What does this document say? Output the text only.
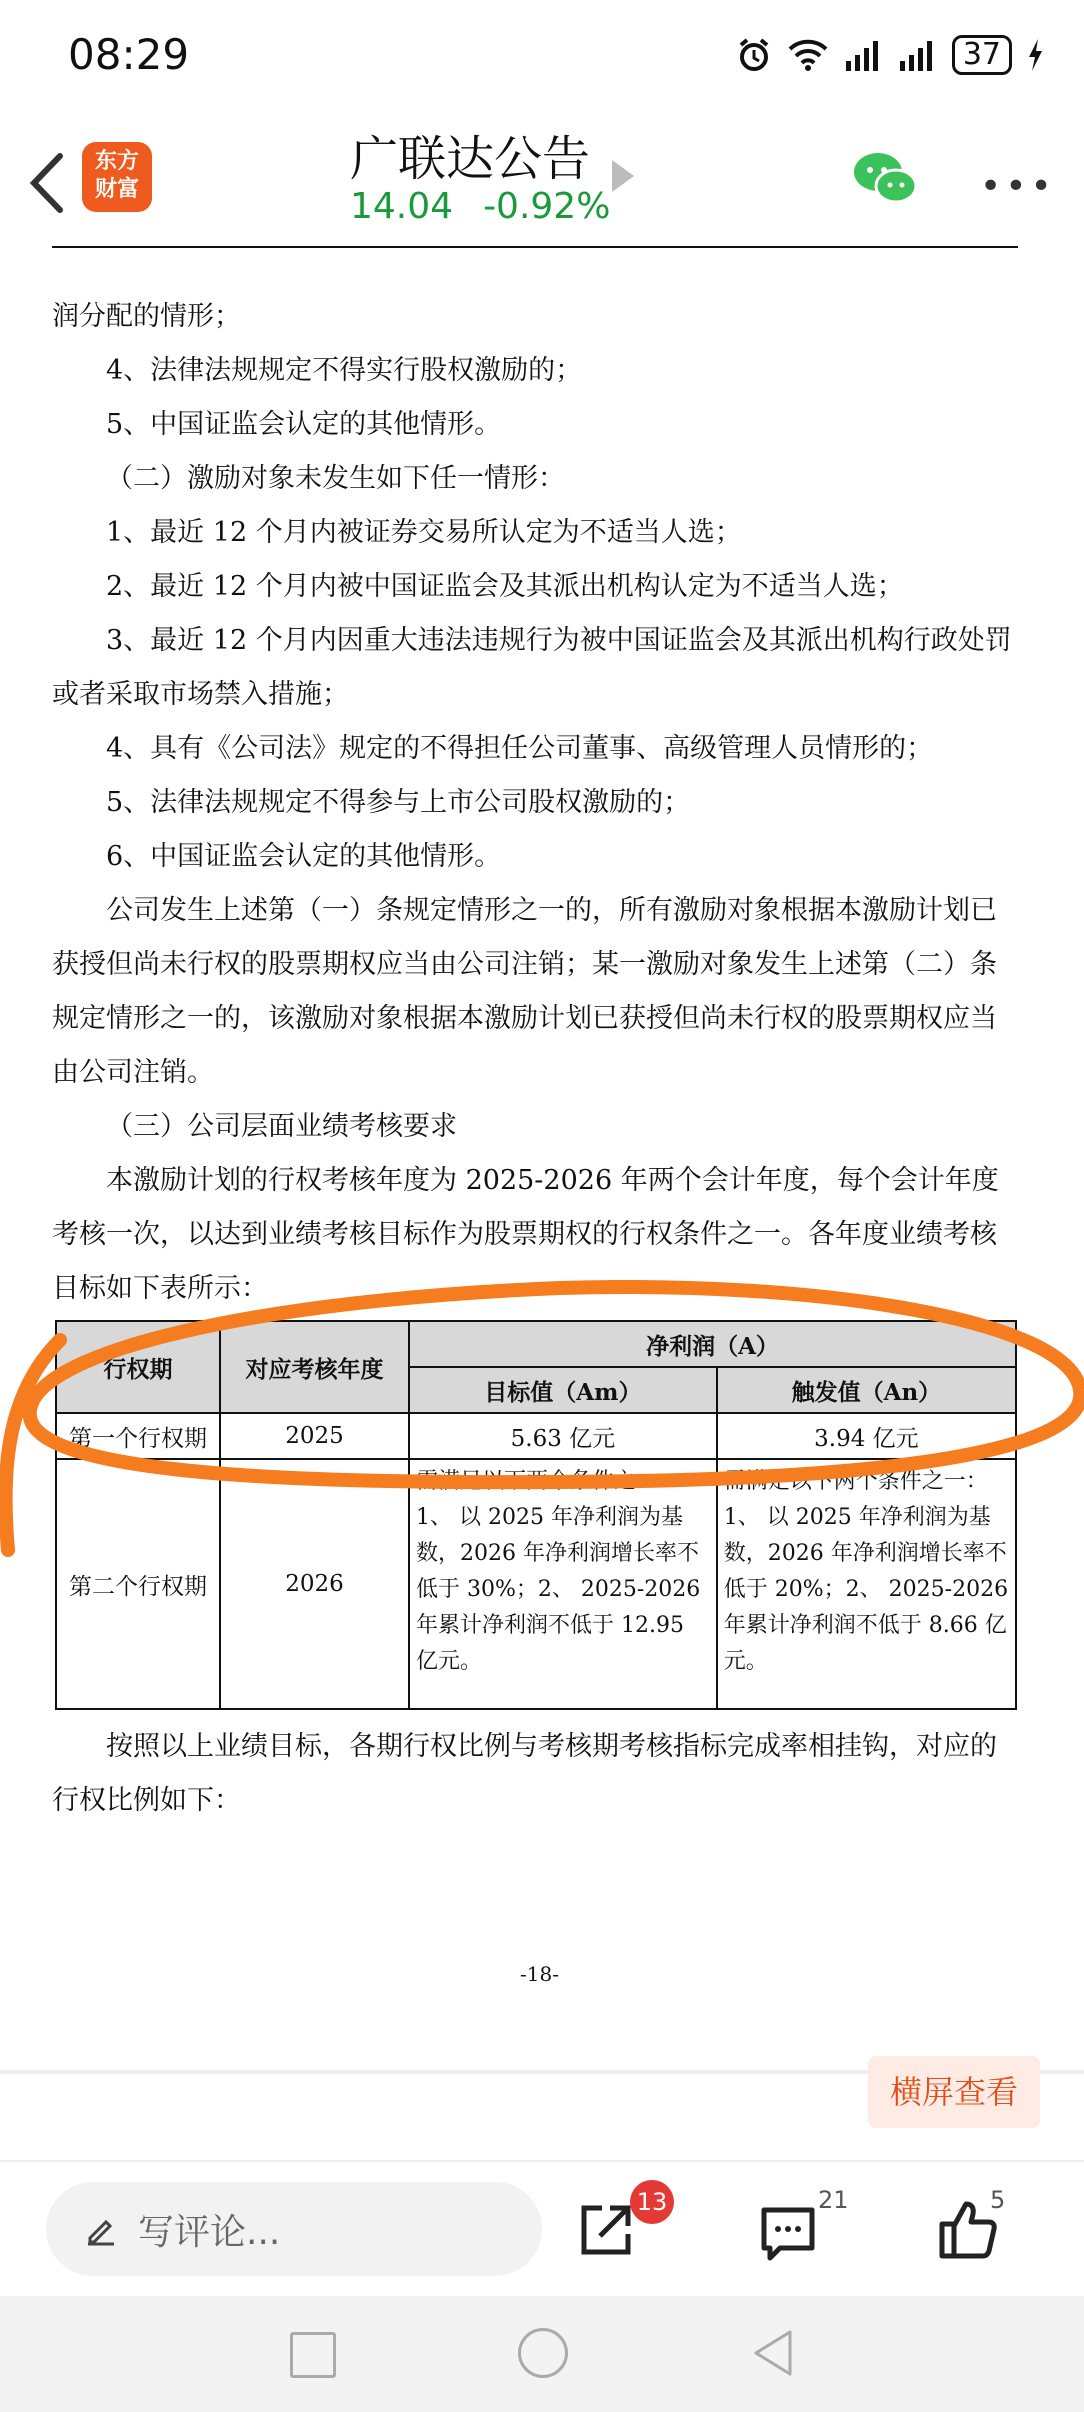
08:29	37
东方
财富
广联达公告
14.04 -0.92%	•••

润分配的情形；

4、法律法规规定不得实行股权激励的；

5、中国证监会认定的其他情形。

（二）激励对象未发生如下任一情形：

1、最近 12 个月内被证券交易所认定为不适当人选；

2、最近 12 个月内被中国证监会及其派出机构认定为不适当人选；

3、最近 12 个月内因重大违法违规行为被中国证监会及其派出机构行政处罚或者采取市场禁入措施；

4、具有《公司法》规定的不得担任公司董事、高级管理人员情形的；

5、法律法规规定不得参与上市公司股权激励的；

6、中国证监会认定的其他情形。

公司发生上述第（一）条规定情形之一的，所有激励对象根据本激励计划已获授但尚未行权的股票期权应当由公司注销；某一激励对象发生上述第（二）条规定情形之一的，该激励对象根据本激励计划已获授但尚未行权的股票期权应当由公司注销。

（三）公司层面业绩考核要求

本激励计划的行权考核年度为 2025-2026 年两个会计年度，每个会计年度考核一次，以达到业绩考核目标作为股票期权的行权条件之一。各年度业绩考核目标如下表所示：

行权期	对应考核年度	净利润（A）	
		目标值（Am）	触发值（An）
第一个行权期	2025	5.63 亿元	3.94 亿元
第二个行权期	2026	需满足以下两个条件之一：1、 以 2025 年净利润为基数，2026 年净利润增长率不低于 30%；2、 2025-2026 年累计净利润不低于 12.95 亿元。	需满足以下两个条件之一：1、 以 2025 年净利润为基数，2026 年净利润增长率不低于 20%；2、 2025-2026 年累计净利润不低于 8.66 亿元。

按照以上业绩目标，各期行权比例与考核期考核指标完成率相挂钩，对应的行权比例如下：

-18-
横屏查看
写评论...
13	21	5
